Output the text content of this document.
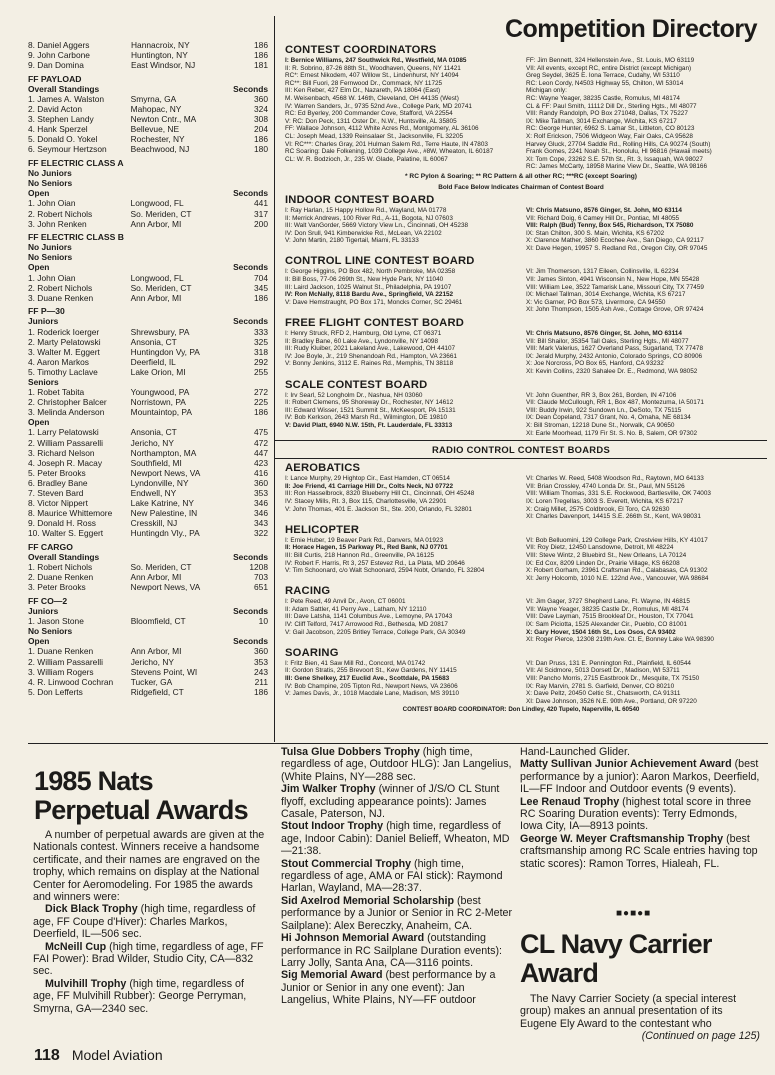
8. Daniel Aggers	Hannacroix, NY	186
9. John Carbone	Huntington, NY	186
9. Dan Domina	East Windsor, NJ	181
FF PAYLOAD		
Overall Standings		Seconds
1. James A. Walston	Smyrna, GA	360
2. David Acton	Mahopac, NY	324
3. Stephen Landy	Newton Cntr., MA	308
4. Hank Sperzel	Bellevue, NE	204
5. Donald O. Yokel	Rochester, NY	186
6. Seymour Hertzson	Beachwood, NJ	180
FF ELECTRIC CLASS A		
No Juniors		
No Seniors		
Open		Seconds
1. John Oian	Longwood, FL	441
2. Robert Nichols	So. Meriden, CT	317
3. John Renken	Ann Arbor, MI	200
FF ELECTRIC CLASS B		
No Juniors		
No Seniors		
Open		Seconds
1. John Oian	Longwood, FL	704
2. Robert Nichols	So. Meriden, CT	345
3. Duane Renken	Ann Arbor, MI	186
FF P—30		
Juniors		Seconds
1. Roderick Ioerger	Shrewsbury, PA	333
2. Marty Pelatowski	Ansonia, CT	325
3. Walter M. Eggert	Huntingdon Vy, PA	318
4. Aaron Markos	Deerfield, IL	292
5. Timothy Laclave	Lake Orion, MI	255
Seniors		
1. Robet Tabita	Youngwood, PA	272
2. Christopher Balcer	Norristown, PA	225
3. Melinda Anderson	Mountaintop, PA	186
Open		
1. Larry Pelatowski	Ansonia, CT	475
2. William Passarelli	Jericho, NY	472
3. Richard Nelson	Northampton, MA	447
4. Joseph R. Macay	Southfield, MI	423
5. Peter Brooks	Newport News, VA	416
6. Bradley Bane	Lyndonville, NY	360
7. Steven Bard	Endwell, NY	353
8. Victor Nippert	Lake Katrine, NY	346
8. Maurice Whittemore	New Palestine, IN	346
9. Donald H. Ross	Cresskill, NJ	343
10. Walter S. Eggert	Huntingdn Vly., PA	322
FF CARGO		
Overall Standings		Seconds
1. Robert Nichols	So. Meriden, CT	1208
2. Duane Renken	Ann Arbor, MI	703
3. Peter Brooks	Newport News, VA	651
FF CO—2		
Juniors		Seconds
1. Jason Stone	Bloomfield, CT	10
No Seniors		
Open		Seconds
1. Duane Renken	Ann Arbor, MI	360
2. William Passarelli	Jericho, NY	353
3. William Rogers	Stevens Point, WI	243
4. R. Linwood Cochran	Tucker, GA	211
5. Don Lefferts	Ridgefield, CT	186
Competition Directory
CONTEST COORDINATORS
I: Bernice Williams, 247 Southwick Rd., Westfield, MA 01085
II: R. Sobrino, 87-26 88th St., Woodhaven, Queens, NY 11421
RC*: Ernest Nikodem, 407 Willow St., Lindenhurst, NY 14094
RC**: Bill Fuori, 28 Fernwood Dr., Commack, NY 11725
III: Ken Reber, 427 Elm Dr., Nazareth, PA 18064 (East)
M. Weisenbach, 4568 W. 146th, Cleveland, OH 44135 (West)
IV: Warren Sanders, Jr., 9735 52nd Ave., College Park, MD 20741
RC: Ed Byerley, 200 Commander Cove, Stafford, VA 22554
V: RC: Don Peck, 1311 Oster Dr., N.W., Huntsville, AL 35805
FF: Wallace Johnson, 4112 White Acres Rd., Montgomery, AL 36106
CL: Joseph Mead, 1339 Reinsalaer St., Jacksonville, FL 32205
VI: RC***: Charles Gray, 201 Hulman Salem Rd., Terre Haute, IN 47803
RC Soaring: Dale Folkening, 1039 College Ave., #8W, Wheaton, IL 60187
CL: W. R. Bodzioch, Jr., 235 W. Glade, Palatine, IL 60067
FF: Jim Bennett, 324 Hellenstein Ave., St. Louis, MO 63119
VII: All events, except RC, entire District (except Michigan)
Greg Seydel, 3625 E. Iona Terrace, Cudahy, WI 53110
RC: Leon Cordy, N4503 Highway 55, Chilton, WI 53014
Michigan only:
RC: Wayne Yeager, 38235 Castle, Romulus, MI 48174
CL & FF: Paul Smith, 11112 Dill Dr., Sterling Hgts., MI 48077
VIII: Randy Randolph, PO Box 271048, Dallas, TX 75227
IX: Mike Tallman, 3014 Exchange, Wichita, KS 67217
RC: George Hunter, 6962 S. Lamar St., Littleton, CO 80123
X: Rolf Erickson, 7506 Widgeon Way, Fair Oaks, CA 95628
Harvey Gluck, 27704 Saddle Rd., Rolling Hills, CA 90274 (South)
Frank Gomes, 2241 Noah St., Honolulu, HI 96816 (Hawaii meets)
XI: Tom Cope, 23262 S.E. 57th St., Rt. 3, Issaquah, WA 98027
RC: James McCarty, 18958 Marine View Dr., Seattle, WA 98166
* RC Pylon & Soaring; ** RC Pattern & all other RC; ***RC (except Soaring)
Bold Face Below Indicates Chairman of Contest Board
INDOOR CONTEST BOARD
I: Ray Harlan, 15 Happy Hollow Rd., Wayland, MA 01778
II: Merrick Andrews, 100 River Rd., A-11, Bogota, NJ 07603
III: Walt VanGorder, 5669 Victory View Ln., Cincinnati, OH 45238
IV: Don Srull, 941 Kimberwicke Rd., McLean, VA 22102
V: John Martin, 2180 Tigertail, Miami, FL 33133
VI: Chris Matsuno, 8576 Ginger, St. John, MO 63114
VII: Richard Doig, 6 Camey Hill Dr., Pontiac, MI 48055
VIII: Ralph (Bud) Tenny, Box 545, Richardson, TX 75080
IX: Stan Chilton, 300 S. Main, Wichita, KS 67202
X: Clarence Mather, 3860 Ecochee Ave., San Diego, CA 92117
XI: Dave Hegen, 19957 S. Redland Rd., Oregon City, OR 97045
CONTROL LINE CONTEST BOARD
I: George Higgins, PO Box 482, North Pembroke, MA 02358
II: Bill Boss, 77-06 269th St., New Hyde Park, NY 11040
III: Laird Jackson, 1025 Walnut St., Philadelphia, PA 19107
IV: Ron McNally, 8118 Bardu Ave., Springfield, VA 22152
V: Dave Hemstraught, PO Box 171, Moncks Corner, SC 29461
VI: Jim Thomerson, 1317 Eileen, Collinsville, IL 62234
VII: James Sinton, 4941 Wisconsin N., New Hope, MN 55428
VIII: William Lee, 3522 Tamarisk Lane, Missouri City, TX 77459
IX: Michael Tallman, 3014 Exchange, Wichita, KS 67217
X: Vic Garner, PO Box 573, Livermore, CA 94550
XI: John Thompson, 1505 Ash Ave., Cottage Grove, OR 97424
FREE FLIGHT CONTEST BOARD
I: Henry Struck, RFD 2, Hamburg, Old Lyme, CT 06371
II: Bradley Bane, 60 Lake Ave., Lyndonville, NY 14098
III: Rudy Kluiber, 2021 Lakeland Ave., Lakewood, OH 44107
IV: Joe Boyle, Jr., 219 Shenandoah Rd., Hampton, VA 23661
V: Bonny Jenkins, 3112 E. Raines Rd., Memphis, TN 38118
VI: Chris Matsuno, 8576 Ginger, St. John, MO 63114
VII: Bill Shailor, 35354 Tall Oaks, Sterling Hgts., MI 48077
VIII: Mark Valerius, 1627 Overland Pass, Sugarland, TX 77478
IX: Jerald Murphy, 2432 Antonio, Colorado Springs, CO 80906
X: Joe Norcross, PO Box 65, Hanford, CA 93232
XI: Kevin Collins, 2320 Sahalee Dr. E., Redmond, WA 98052
SCALE CONTEST BOARD
I: Irv Searl, 52 Longholm Dr., Nashua, NH 03060
II: Robert Clemens, 95 Shoreway Dr., Rochester, NY 14612
III: Edward Wisser, 1521 Summit St., McKeesport, PA 15131
IV: Bob Kerkson, 2643 Marsh Rd., Wilmington, DE 19810
V: David Platt, 6940 N.W. 15th, Ft. Lauderdale, FL 33313
VI: John Guenther, RR 3, Box 261, Borden, IN 47106
VII: Claude McCullough, RR 1, Box 487, Montezuma, IA 50171
VIII: Buddy Irwin, 922 Sundown Ln., DeSoto, TX 75115
IX: Dean Copeland, 7317 Grant, No. 4, Omaha, NE 68134
X: Bill Stroman, 12218 Dune St., Norwalk, CA 90650
XI: Earle Moorhead, 1179 Fir St. S. No. B, Salem, OR 97302
RADIO CONTROL CONTEST BOARDS
AEROBATICS
I: Lance Murphy, 29 Hightop Cir., East Hamden, CT 06514
II: Joe Friend, 41 Carriage Hill Dr., Colts Neck, NJ 07722
III: Ron Hasselbrock, 8320 Blueberry Hill Ct., Cincinnati, OH 45248
IV: Stacey Mills, Rt. 3, Box 115, Charlottesville, VA 22901
V: John Thomas, 401 E. Jackson St., Ste. 200, Orlando, FL 32801
VI: Charles W. Reed, 5408 Woodson Rd., Raytown, MO 64133
VII: Brian Crossley, 4740 Londa Dr. St., Paul, MN 55126
VIII: William Thomas, 331 S.E. Rockwood, Bartlesville, OK 74003
IX: Loren Tregellas, 3003 S. Everett, Wichita, KS 67217
X: Craig Millet, 2575 Coldbrook, El Toro, CA 92630
XI: Charles Davenport, 14415 S.E. 266th St., Kent, WA 98031
HELICOPTER
I: Ernie Huber, 19 Beaver Park Rd., Danvers, MA 01923
II: Horace Hagen, 15 Parkway Pl., Red Bank, NJ 07701
III: Bill Curtis, 218 Hannon Rd., Greenville, PA 16125
IV: Robert F. Harris, Rt 3, 257 Estevez Rd., La Plata, MD 20646
V: Tim Schoonard, c/o Walt Schoonard, 2594 Nobt, Orlando, FL 32804
VI: Bob Belluomini, 129 College Park, Crestview Hills, KY 41017
VII: Roy Dietz, 12450 Lansdowne, Detroit, MI 48224
VIII: Steve Wintz, 2 Bluebird St., New Orleans, LA 70124
IX: Ed Cox, 8209 Linden Dr., Prairie Village, KS 66208
X: Robert Gorham, 23961 Craftsman Rd., Calabasas, CA 91302
XI: Jerry Holcomb, 1010 N.E. 122nd Ave., Vancouver, WA 98684
RACING
I: Pete Reed, 49 Anvil Dr., Avon, CT 06001
II: Adam Sattler, 41 Perry Ave., Latham, NY 12110
III: Dave Latsha, 1141 Columbus Ave., Lemoyne, PA 17043
IV: Cliff Telford, 7417 Arrowood Rd., Bethesda, MD 20817
V: Gail Jacobson, 2205 Britley Terrace, College Park, GA 30349
VI: Jim Gager, 3727 Shepherd Lane, Ft. Wayne, IN 46815
VII: Wayne Yeager, 38235 Castle Dr., Romulus, MI 48174
VIII: Dave Layman, 7515 Brookleaf Dr., Houston, TX 77041
IX: Sam Piciotta, 1525 Alexander Cir., Pueblo, CO 81001
X: Gary Hover, 1504 16th St., Los Osos, CA 93402
XI: Roger Pierce, 12308 219th Ave. Ct. E, Bonney Lake WA 98390
SOARING
I: Fritz Bien, 41 Saw Mill Rd., Concord, MA 01742
II: Gordon Stratis, 255 Brevoort St., Kew Gardens, NY 11415
III: Gene Shelkey, 217 Euclid Ave., Scottdale, PA 15683
IV: Bob Champine, 205 Tipton Rd., Newport News, VA 23606
V: James Davis, Jr., 1018 Macdale Lane, Madison, MS 39110
VI: Dan Pruss, 131 E. Pennington Rd., Plainfield, IL 60544
VII: Al Scidmore, 5013 Dorsett Dr., Madison, WI 53711
VIII: Pancho Morris, 2715 Eastbrook Dr., Mesquite, TX 75150
IX: Ray Marvin, 2781 S. Garfield, Denver, CO 80210
X: Dave Peltz, 20450 Celtic St., Chatsworth, CA 91311
XI: Dave Johnson, 3526 N.E. 90th Ave., Portland, OR 97220
CONTEST BOARD COORDINATOR: Don Lindley, 420 Tupelo, Naperville, IL 60540
1985 Nats
Perpetual Awards

A number of perpetual awards are given at the Nationals contest. Winners receive a handsome certificate, and their names are engraved on the trophy, which remains on display at the National Center for Aeromodeling. For 1985 the awards and winners were:

Dick Black Trophy (high time, regardless of age, FF Coupe d'Hiver): Charles Markos, Deerfield, IL—506 sec.

McNeill Cup (high time, regardless of age, FF FAI Power): Brad Wilder, Studio City, CA—832 sec.

Mulvihill Trophy (high time, regardless of age, FF Mulvihill Rubber): George Perryman, Smyrna, GA—2340 sec.

Tulsa Glue Dobbers Trophy (high time, regardless of age, Outdoor HLG): Jan Langelius, (White Plains, NY—288 sec.

Jim Walker Trophy (winner of J/S/O CL Stunt flyoff, excluding appearance points): James Casale, Paterson, NJ.

Stout Indoor Trophy (high time, regardless of age, Indoor Cabin): Daniel Belieff, Wheaton, MD—21:38.

Stout Commercial Trophy (high time, regardless of age, AMA or FAI stick): Raymond Harlan, Wayland, MA—28:37.

Sid Axelrod Memorial Scholarship (best performance by a Junior or Senior in RC 2-Meter Sailplane): Alex Bereczky, Anaheim, CA.

Hi Johnson Memorial Award (outstanding performance in RC Sailplane Duration events): Larry Jolly, Santa Ana, CA—3116 points.

Sig Memorial Award (best performance by a Junior or Senior in any one event): Jan Langelius, White Plains, NY—FF outdoor

Hand-Launched Glider.

Matty Sullivan Junior Achievement Award (best performance by a junior): Aaron Markos, Deerfield, IL—FF Indoor and Outdoor events (9 events).

Lee Renaud Trophy (highest total score in three RC Soaring Duration events): Terry Edmonds, Iowa City, IA—8913 points.

George W. Meyer Craftsmanship Trophy (best craftsmanship among RC Scale entries having top static scores): Ramon Torres, Hialeah, FL.

■●■●■
CL Navy Carrier
Award

The Navy Carrier Society (a special interest group) makes an annual presentation of its Eugene Ely Award to the contestant who

(Continued on page 125)
118 Model Aviation
